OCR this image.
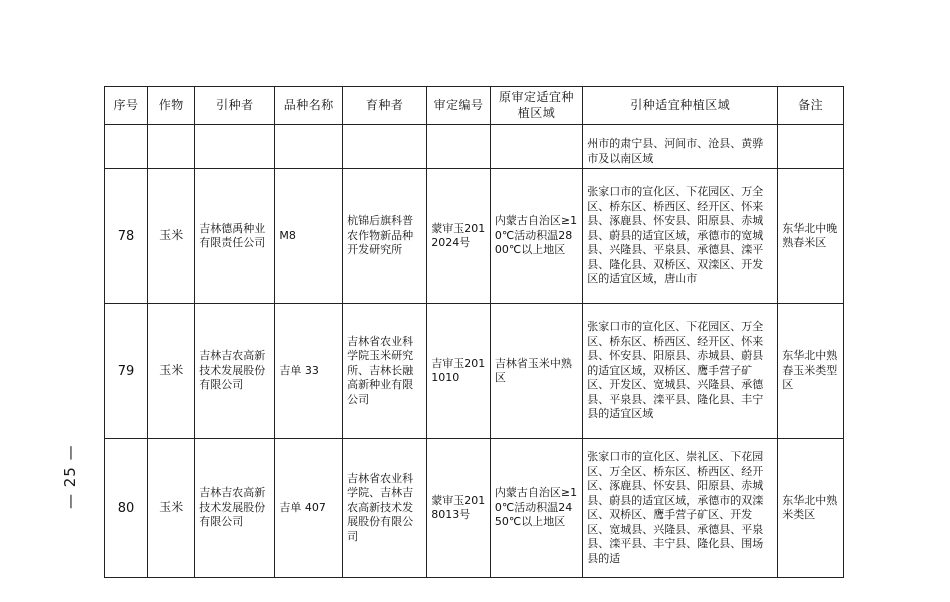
— 25 —
序号	作物	引种者	品种名称	育种者	审定编号	原审定适宜种植区域	引种适宜种植区域	备注
							州市的肃宁县、河间市、沧县、黄骅市及以南区域	
78	玉米	吉林德禹种业有限责任公司	M8	杭锦后旗科普农作物新品种开发研究所	蒙审玉2012024号	内蒙古自治区≥10℃活动积温2800℃以上地区	张家口市的宣化区、下花园区、万全区、桥东区、桥西区、经开区、怀来县、涿鹿县、怀安县、阳原县、赤城县、蔚县的适宜区域，承德市的宽城县、兴隆县、平泉县、承德县、滦平县、隆化县、双桥区、双滦区、开发区的适宜区域，唐山市	东华北中晚熟春米区
79	玉米	吉林吉农高新技术发展股份有限公司	吉单 33	吉林省农业科学院玉米研究所、吉林长融高新种业有限公司	吉审玉2011010	吉林省玉米中熟区	张家口市的宣化区、下花园区、万全区、桥东区、桥西区、经开区、怀来县、怀安县、阳原县、赤城县、蔚县的适宜区域，双桥区、鹰手营子矿区、开发区、宽城县、兴隆县、承德县、平泉县、滦平县、隆化县、丰宁县的适宜区域	东华北中熟春玉米类型区
80	玉米	吉林吉农高新技术发展股份有限公司	吉单 407	吉林省农业科学院、吉林吉农高新技术发展股份有限公司	蒙审玉2018013号	内蒙古自治区≥10℃活动积温2450℃以上地区	张家口市的宣化区、崇礼区、下花园区、万全区、桥东区、桥西区、经开区、涿鹿县、怀安县、阳原县、赤城县、蔚县的适宜区域，承德市的双滦区、双桥区、鹰手营子矿区、开发区、宽城县、兴隆县、承德县、平泉县、滦平县、丰宁县、隆化县、围场县的适	东华北中熟米类区
